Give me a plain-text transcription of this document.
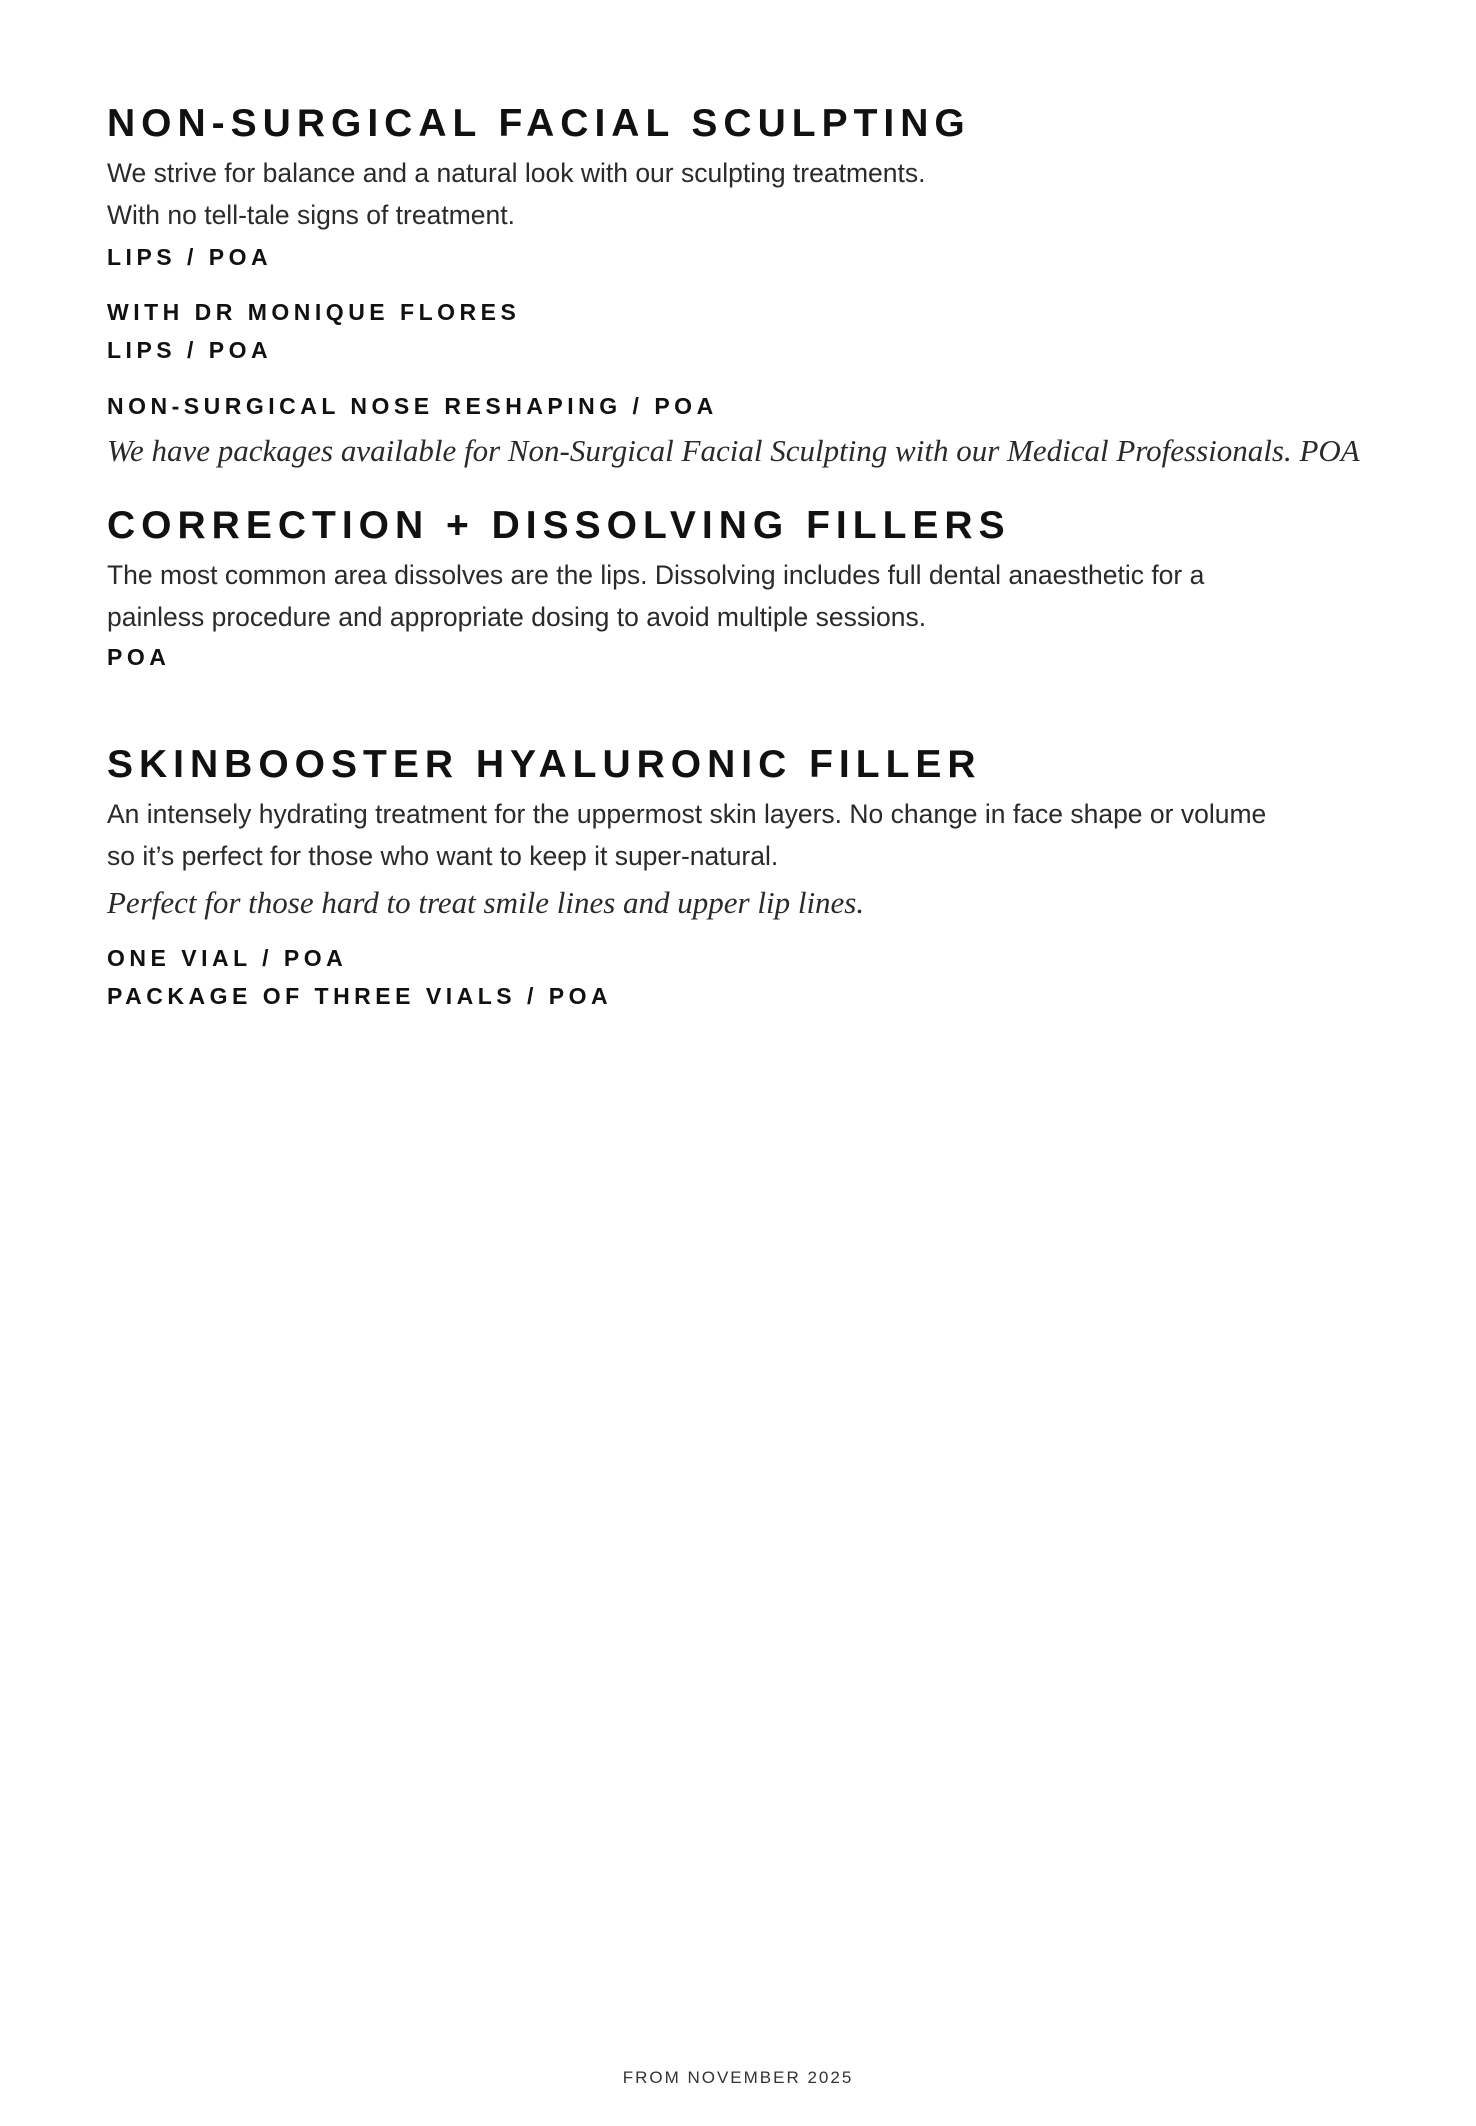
NON-SURGICAL FACIAL SCULPTING

We strive for balance and a natural look with our sculpting treatments.

With no tell-tale signs of treatment.

LIPS / POA

WITH DR MONIQUE FLORES

LIPS / POA

NON-SURGICAL NOSE RESHAPING / POA

We have packages available for Non-Surgical Facial Sculpting with our Medical Professionals. POA

CORRECTION + DISSOLVING FILLERS

The most common area dissolves are the lips. Dissolving includes full dental anaesthetic for a

painless procedure and appropriate dosing to avoid multiple sessions.

POA

SKINBOOSTER HYALURONIC FILLER

An intensely hydrating treatment for the uppermost skin layers. No change in face shape or volume

so it’s perfect for those who want to keep it super-natural.

Perfect for those hard to treat smile lines and upper lip lines.

ONE VIAL / POA

PACKAGE OF THREE VIALS / POA

FROM NOVEMBER 2025
